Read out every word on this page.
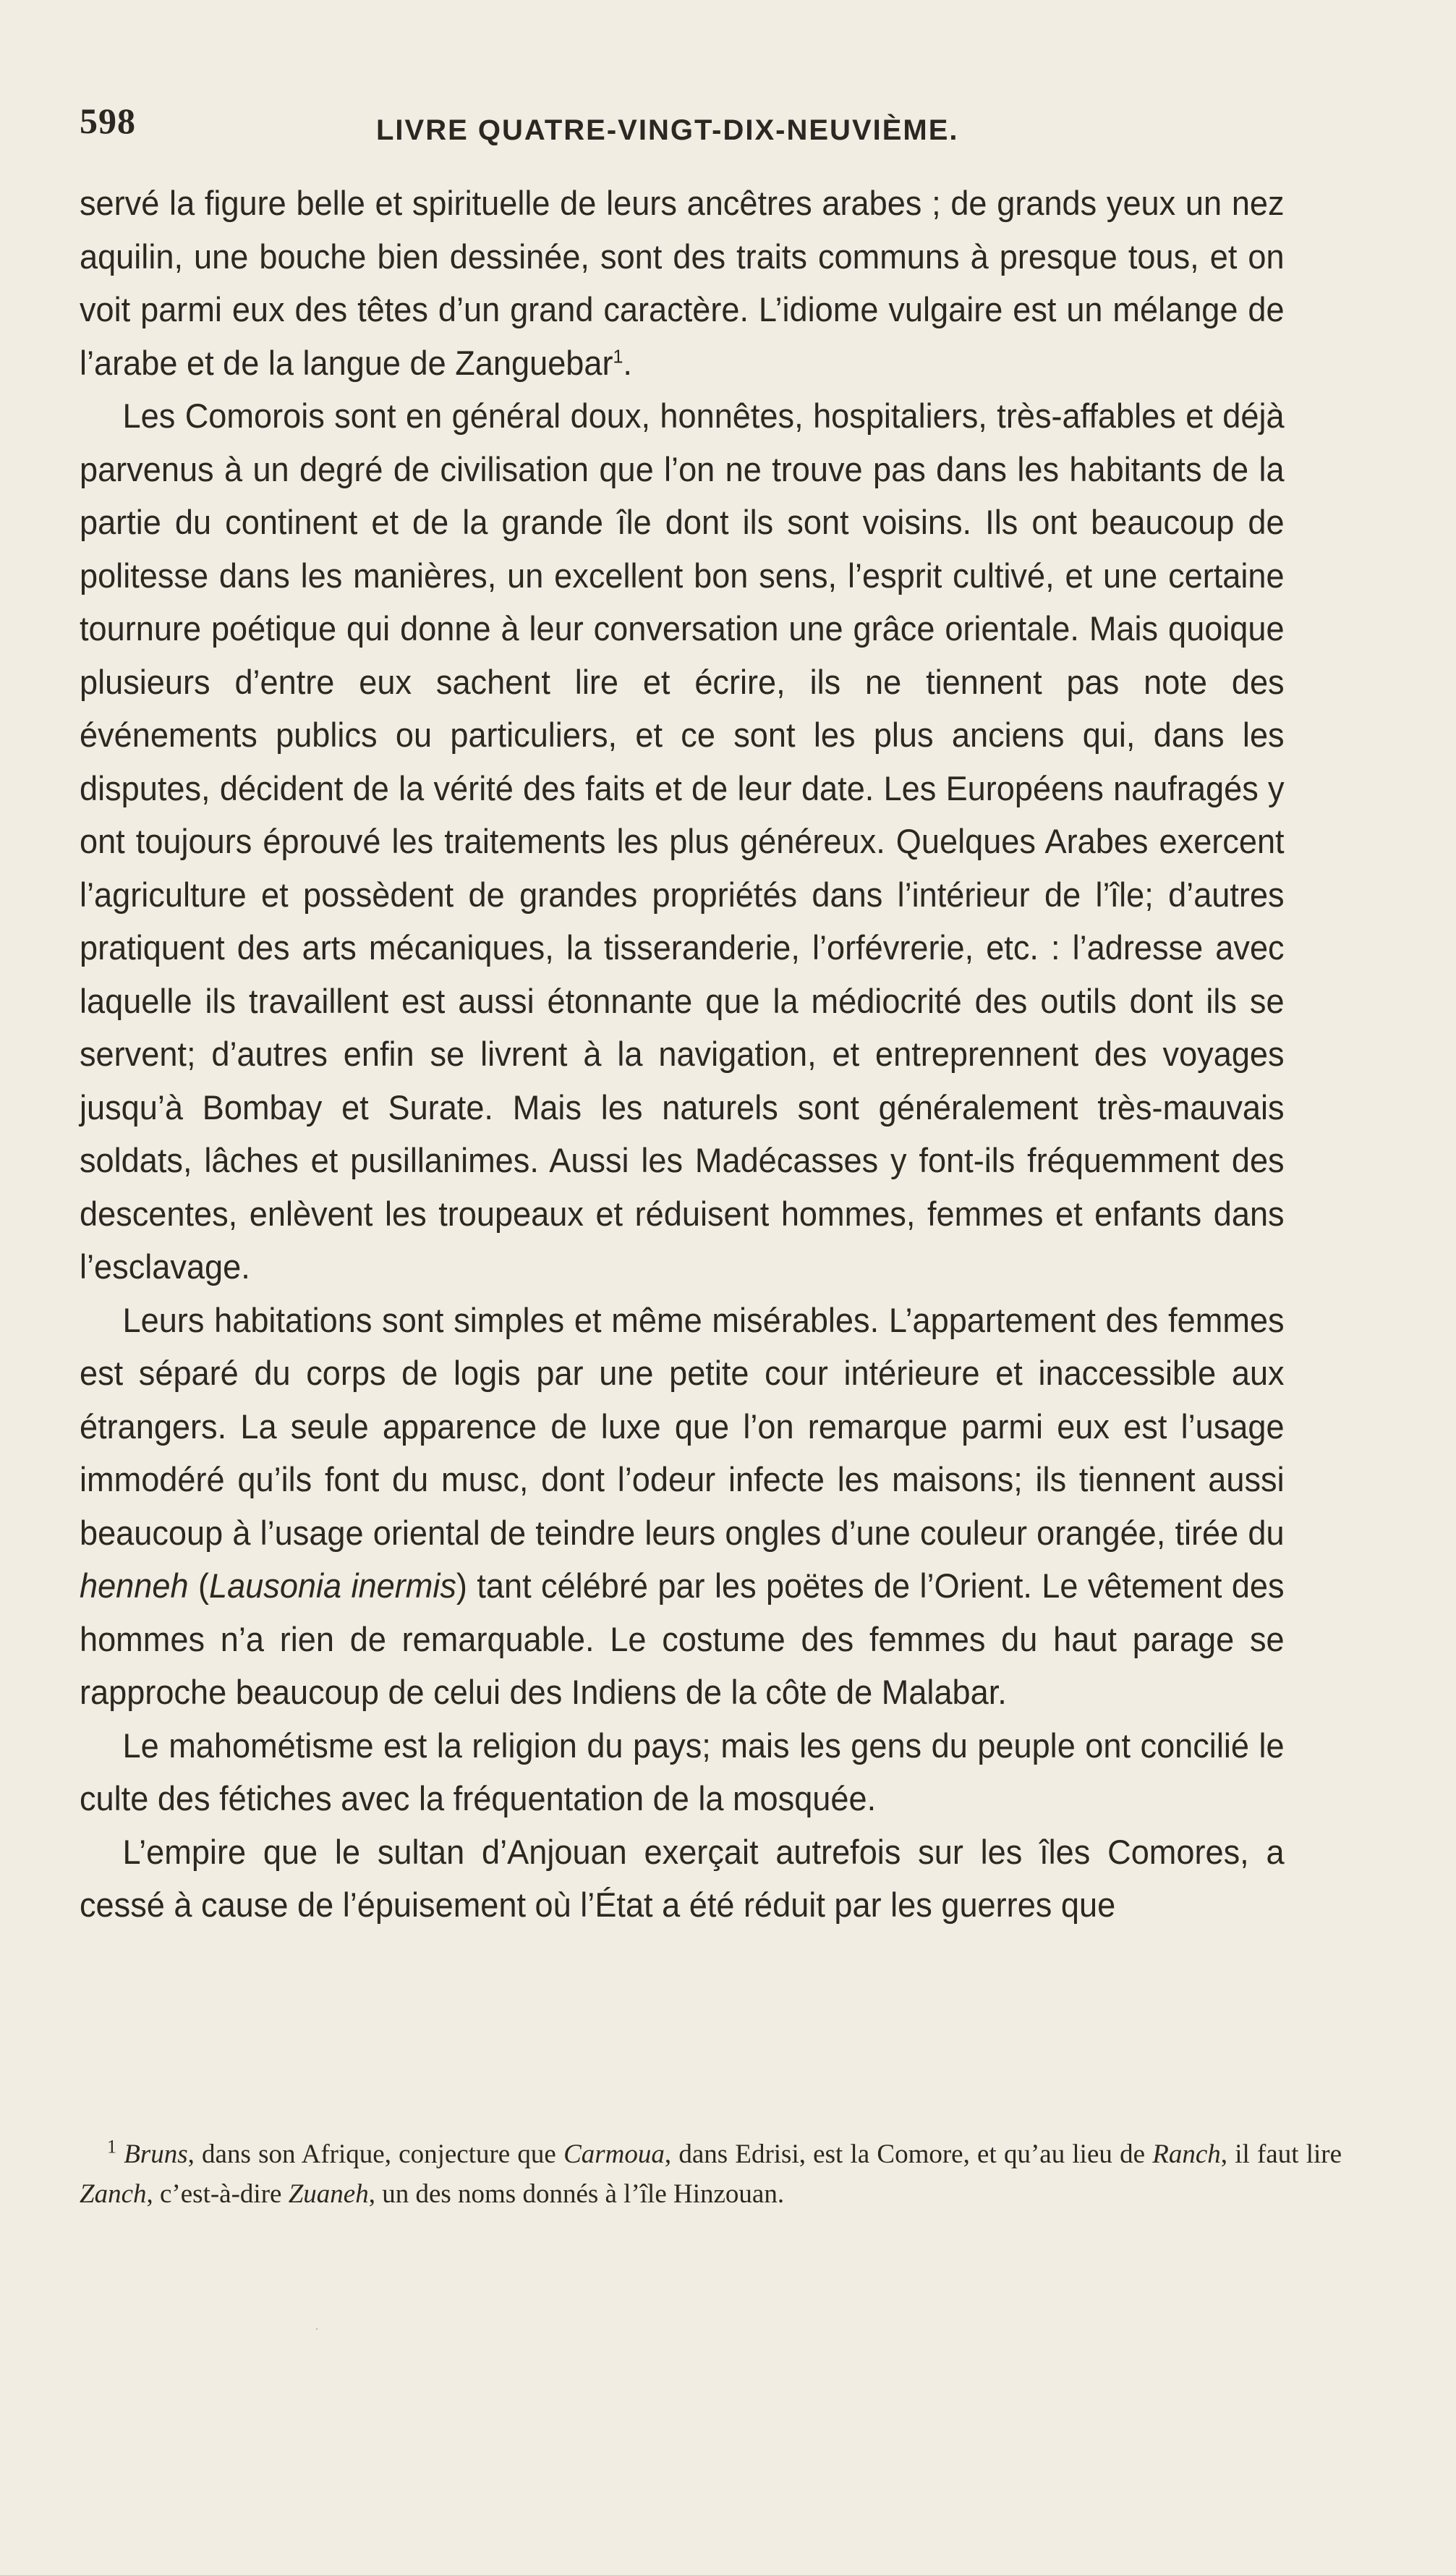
598	LIVRE QUATRE-VINGT-DIX-NEUVIÈME.

servé la figure belle et spirituelle de leurs ancêtres arabes ; de grands yeux un nez aquilin, une bouche bien dessinée, sont des traits communs à presque tous, et on voit parmi eux des têtes d’un grand caractère. L’idiome vulgaire est un mélange de l’arabe et de la langue de Zanguebar$^1$.

Les Comorois sont en général doux, honnêtes, hospitaliers, très-affables et déjà parvenus à un degré de civilisation que l’on ne trouve pas dans les habitants de la partie du continent et de la grande île dont ils sont voisins. Ils ont beaucoup de politesse dans les manières, un excellent bon sens, l’esprit cultivé, et une certaine tournure poétique qui donne à leur conversation une grâce orientale. Mais quoique plusieurs d’entre eux sachent lire et écrire, ils ne tiennent pas note des événements publics ou particuliers, et ce sont les plus anciens qui, dans les disputes, décident de la vérité des faits et de leur date. Les Européens naufragés y ont toujours éprouvé les traitements les plus généreux. Quelques Arabes exercent l’agriculture et possèdent de grandes propriétés dans l’intérieur de l’île; d’autres pratiquent des arts mécaniques, la tisseranderie, l’orfévrerie, etc. : l’adresse avec laquelle ils travaillent est aussi étonnante que la médiocrité des outils dont ils se servent; d’autres enfin se livrent à la navigation, et entreprennent des voyages jusqu’à Bombay et Surate. Mais les naturels sont généralement très-mauvais soldats, lâches et pusillanimes. Aussi les Madécasses y font-ils fréquemment des descentes, enlèvent les troupeaux et réduisent hommes, femmes et enfants dans l’esclavage.

Leurs habitations sont simples et même misérables. L’appartement des femmes est séparé du corps de logis par une petite cour intérieure et inaccessible aux étrangers. La seule apparence de luxe que l’on remarque parmi eux est l’usage immodéré qu’ils font du musc, dont l’odeur infecte les maisons; ils tiennent aussi beaucoup à l’usage oriental de teindre leurs ongles d’une couleur orangée, tirée du henneh (Lausonia inermis) tant célébré par les poëtes de l’Orient. Le vêtement des hommes n’a rien de remarquable. Le costume des femmes du haut parage se rapproche beaucoup de celui des Indiens de la côte de Malabar.

Le mahométisme est la religion du pays; mais les gens du peuple ont concilié le culte des fétiches avec la fréquentation de la mosquée.

L’empire que le sultan d’Anjouan exerçait autrefois sur les îles Comores, a cessé à cause de l’épuisement où l’État a été réduit par les guerres que

$^1$ Bruns, dans son Afrique, conjecture que Carmoua, dans Edrisi, est la Comore, et qu’au lieu de Ranch, il faut lire Zanch, c’est-à-dire Zuaneh, un des noms donnés à l’île Hinzouan.
